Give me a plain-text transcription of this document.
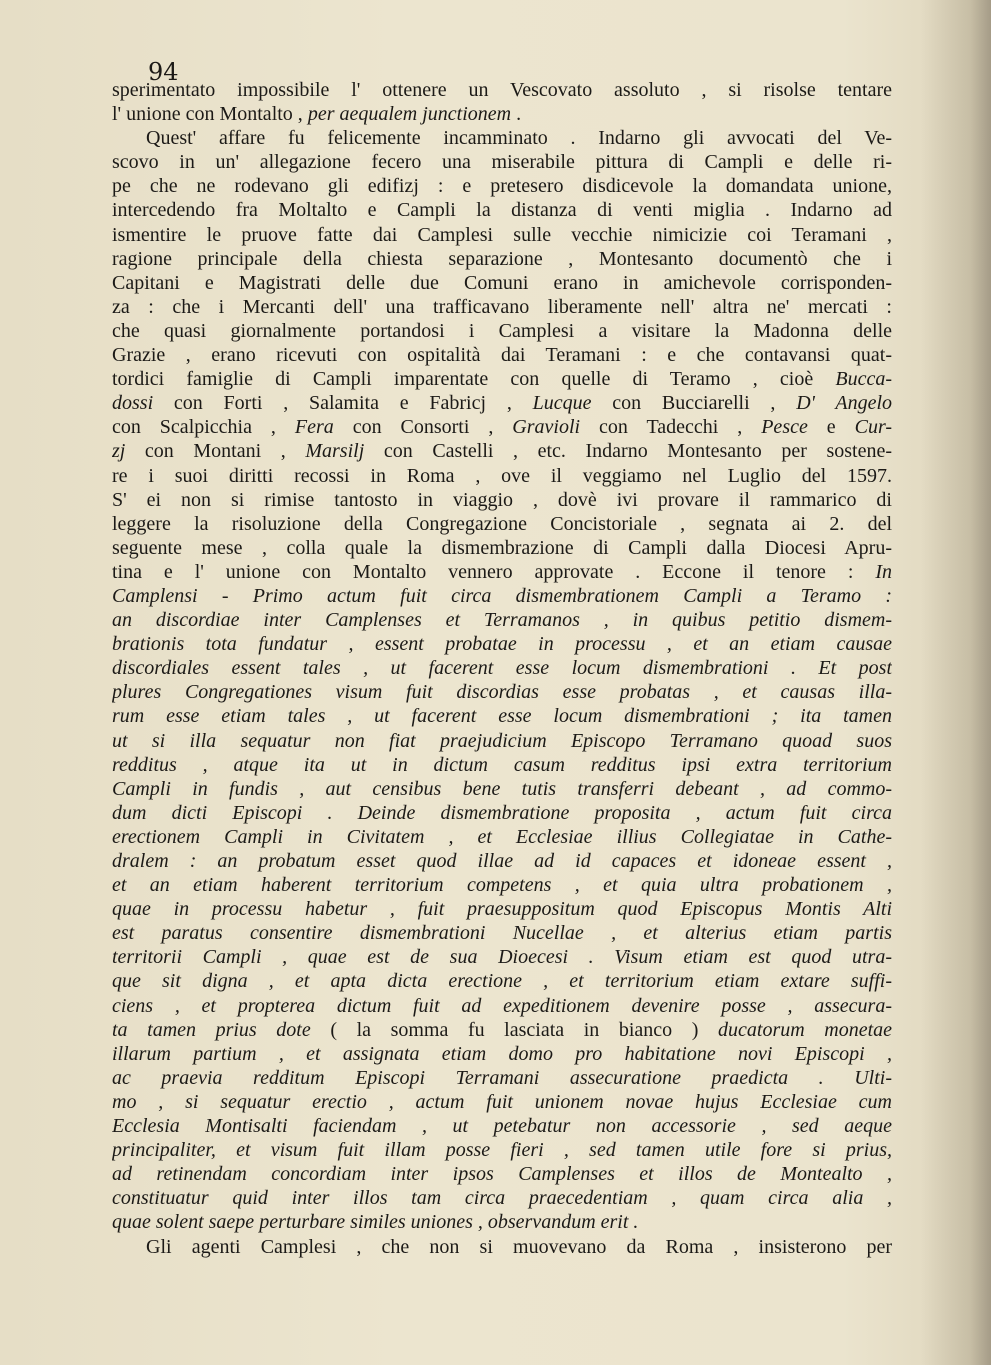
94
sperimentato impossibile l' ottenere un Vescovato assoluto , si risolse tentare
l' unione con Montalto , per aequalem junctionem .
Quest' affare fu felicemente incamminato . Indarno gli avvocati del Ve-
scovo in un' allegazione fecero una miserabile pittura di Campli e delle ri-
pe che ne rodevano gli edifizj : e pretesero disdicevole la domandata unione,
intercedendo fra Moltalto e Campli la distanza di venti miglia . Indarno ad
ismentire le pruove fatte dai Camplesi sulle vecchie nimicizie coi Teramani ,
ragione principale della chiesta separazione , Montesanto documentò che i
Capitani e Magistrati delle due Comuni erano in amichevole corrisponden-
za : che i Mercanti dell' una trafficavano liberamente nell' altra ne' mercati :
che quasi giornalmente portandosi i Camplesi a visitare la Madonna delle
Grazie , erano ricevuti con ospitalità dai Teramani : e che contavansi quat-
tordici famiglie di Campli imparentate con quelle di Teramo , cioè Bucca-
dossi con Forti , Salamita e Fabricj , Lucque con Bucciarelli , D' Angelo
con Scalpicchia , Fera con Consorti , Gravioli con Tadecchi , Pesce e Cur-
zj con Montani , Marsilj con Castelli , etc. Indarno Montesanto per sostene-
re i suoi diritti recossi in Roma , ove il veggiamo nel Luglio del 1597.
S' ei non si rimise tantosto in viaggio , dovè ivi provare il rammarico di
leggere la risoluzione della Congregazione Concistoriale , segnata ai 2. del
seguente mese , colla quale la dismembrazione di Campli dalla Diocesi Apru-
tina e l' unione con Montalto vennero approvate . Eccone il tenore : In
Camplensi - Primo actum fuit circa dismembrationem Campli a Teramo :
an discordiae inter Camplenses et Terramanos , in quibus petitio dismem-
brationis tota fundatur , essent probatae in processu , et an etiam causae
discordiales essent tales , ut facerent esse locum dismembrationi . Et post
plures Congregationes visum fuit discordias esse probatas , et causas illa-
rum esse etiam tales , ut facerent esse locum dismembrationi ; ita tamen
ut si illa sequatur non fiat praejudicium Episcopo Terramano quoad suos
redditus , atque ita ut in dictum casum redditus ipsi extra territorium
Campli in fundis , aut censibus bene tutis transferri debeant , ad commo-
dum dicti Episcopi . Deinde dismembratione proposita , actum fuit circa
erectionem Campli in Civitatem , et Ecclesiae illius Collegiatae in Cathe-
dralem : an probatum esset quod illae ad id capaces et idoneae essent ,
et an etiam haberent territorium competens , et quia ultra probationem ,
quae in processu habetur , fuit praesuppositum quod Episcopus Montis Alti
est paratus consentire dismembrationi Nucellae , et alterius etiam partis
territorii Campli , quae est de sua Dioecesi . Visum etiam est quod utra-
que sit digna , et apta dicta erectione , et territorium etiam extare suffi-
ciens , et propterea dictum fuit ad expeditionem devenire posse , assecura-
ta tamen prius dote ( la somma fu lasciata in bianco ) ducatorum monetae
illarum partium , et assignata etiam domo pro habitatione novi Episcopi ,
ac praevia redditum Episcopi Terramani assecuratione praedicta . Ulti-
mo , si sequatur erectio , actum fuit unionem novae hujus Ecclesiae cum
Ecclesia Montisalti faciendam , ut petebatur non accessorie , sed aeque
principaliter, et visum fuit illam posse fieri , sed tamen utile fore si prius,
ad retinendam concordiam inter ipsos Camplenses et illos de Montealto ,
constituatur quid inter illos tam circa praecedentiam , quam circa alia ,
quae solent saepe perturbare similes uniones , observandum erit .
Gli agenti Camplesi , che non si muovevano da Roma , insisterono per
